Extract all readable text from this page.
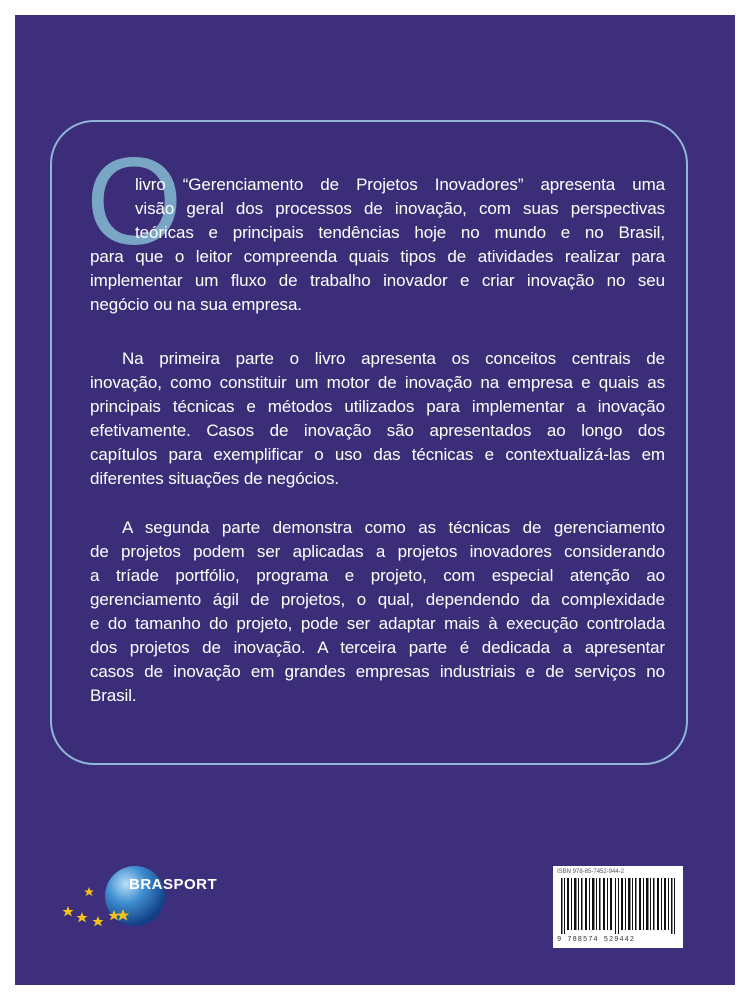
O
livro “Gerenciamento de Projetos Inovadores” apresenta uma
visão geral dos processos de inovação, com suas perspectivas
teóricas e principais tendências hoje no mundo e no Brasil,
para que o leitor compreenda quais tipos de atividades realizar para
implementar um fluxo de trabalho inovador e criar inovação no seu
negócio ou na sua empresa.
Na primeira parte o livro apresenta os conceitos centrais de
inovação, como constituir um motor de inovação na empresa e quais as
principais técnicas e métodos utilizados para implementar a inovação
efetivamente. Casos de inovação são apresentados ao longo dos
capítulos para exemplificar o uso das técnicas e contextualizá-las em
diferentes situações de negócios.
A segunda parte demonstra como as técnicas de gerenciamento
de projetos podem ser aplicadas a projetos inovadores considerando
a tríade portfólio, programa e projeto, com especial atenção ao
gerenciamento ágil de projetos, o qual, dependendo da complexidade
e do tamanho do projeto, pode ser adaptar mais à execução controlada
dos projetos de inovação. A terceira parte é dedicada a apresentar
casos de inovação em grandes empresas industriais e de serviços no
Brasil.
BRASPORT
ISBN 978-85-7452-944-2
9 788574 529442
